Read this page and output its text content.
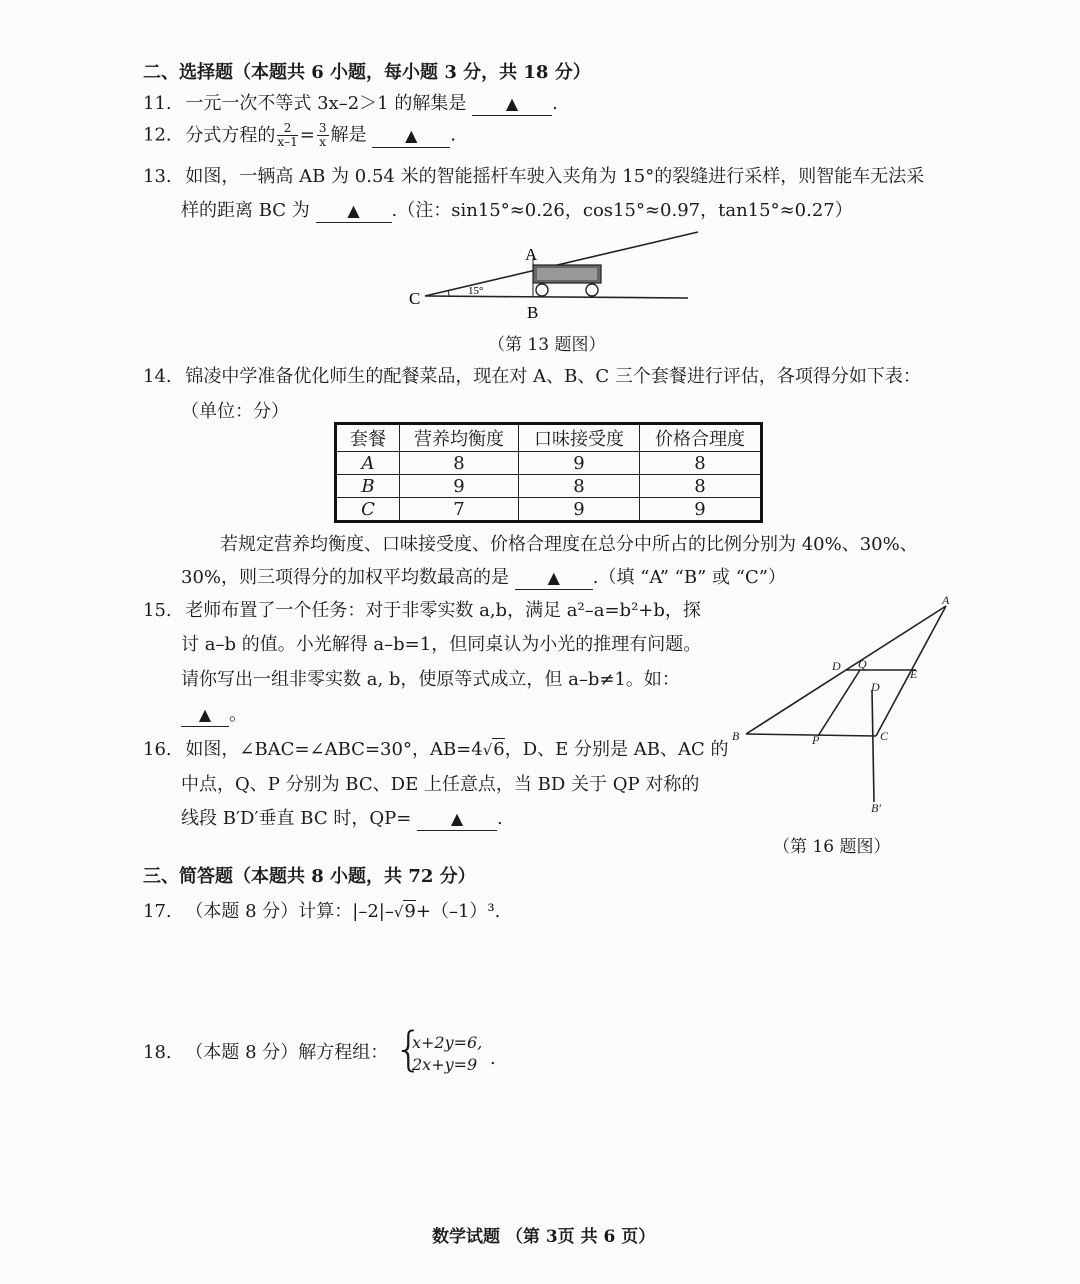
二、选择题（本题共 6 小题，每小题 3 分，共 18 分）
11. 一元一次不等式 3x–2＞1 的解集是 ▲ .
12. 分式方程的 $\frac{2}{x-1} = \frac{3}{x}$ 解是 ▲ .
13. 如图，一辆高 AB 为 0.54 米的智能摇杆车驶入夹角为 15°的裂缝进行采样，则智能车无法采
样的距离 BC 为 ▲ .（注：sin15°≈0.26，cos15°≈0.97，tan15°≈0.27）
A
B
C	15°
（第 13 题图）
14. 锦凌中学准备优化师生的配餐菜品，现在对 A、B、C 三个套餐进行评估，各项得分如下表：
（单位：分）
套餐	营养均衡度	口味接受度	价格合理度
A	8	9	8
B	9	8	8
C	7	9	9
若规定营养均衡度、口味接受度、价格合理度在总分中所占的比例分别为 40%、30%、
30%，则三项得分的加权平均数最高的是 ▲ .（填 “A” “B” 或 “C”）
15. 老师布置了一个任务：对于非零实数 a,b，满足 a²–a=b²+b，探
讨 a–b 的值。小光解得 a–b=1，但同桌认为小光的推理有问题。
请你写出一组非零实数 a, b，使原等式成立，但 a–b≠1。如：
▲ 。
16. 如图，∠BAC=∠ABC=30°，AB=4√6，D、E 分别是 AB、AC 的
中点，Q、P 分别为 BC、DE 上任意点，当 BD 关于 QP 对称的
线段 B′D′垂直 BC 时，QP= ▲ .
A
B	C
D
E
Q
P
D
B′
（第 16 题图）
三、简答题（本题共 8 小题，共 72 分）
17. （本题 8 分）计算：|–2|–√9+（–1）³.
18. （本题 8 分）解方程组： {
x+2y=6,
2x+y=9 .
数学试题 （第 3页 共 6 页）
